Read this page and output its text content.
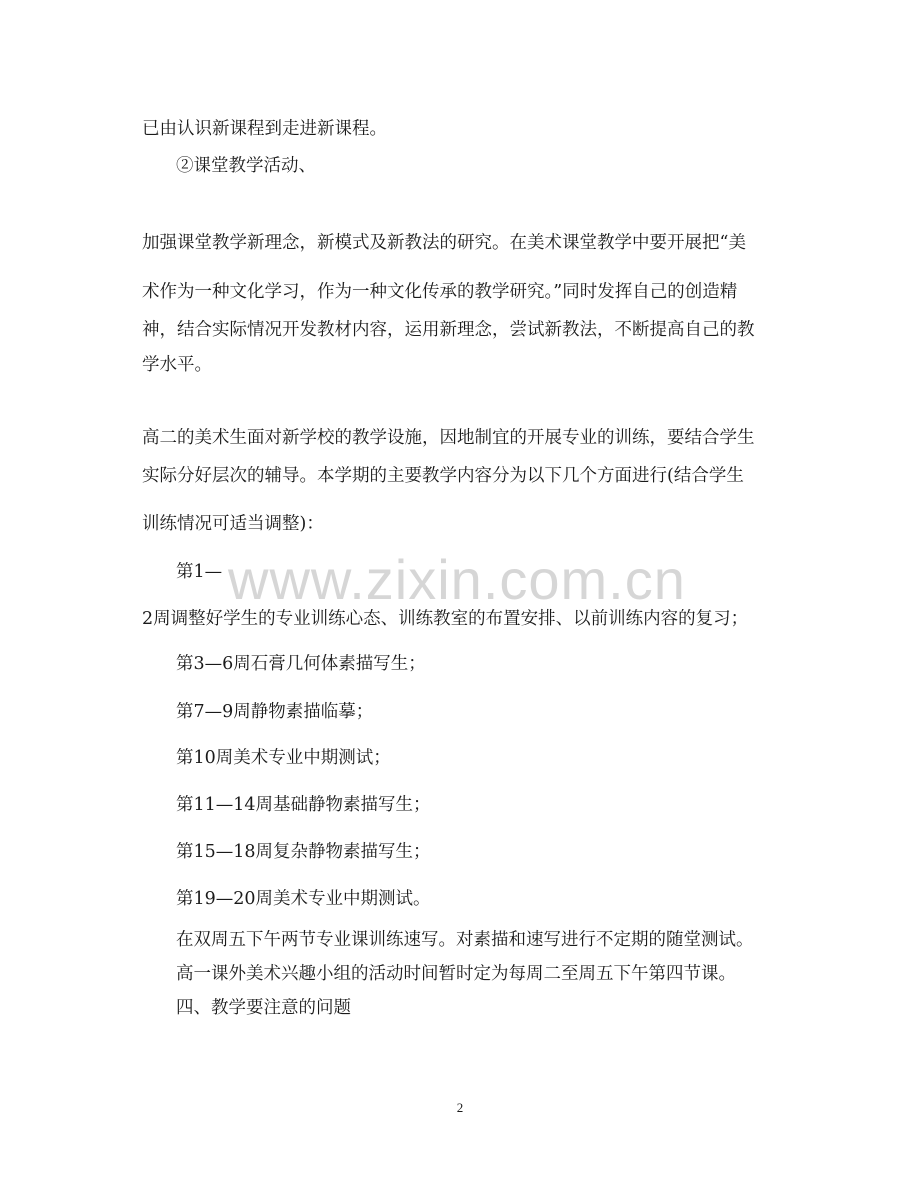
已由认识新课程到走进新课程。
②课堂教学活动、
加强课堂教学新理念，新模式及新教法的研究。在美术课堂教学中要开展把“美
术作为一种文化学习，作为一种文化传承的教学研究。”同时发挥自己的创造精
神，结合实际情况开发教材内容，运用新理念，尝试新教法，不断提高自己的教
学水平。
高二的美术生面对新学校的教学设施，因地制宜的开展专业的训练，要结合学生
实际分好层次的辅导。本学期的主要教学内容分为以下几个方面进行(结合学生
训练情况可适当调整)：
第1—
2周调整好学生的专业训练心态、训练教室的布置安排、以前训练内容的复习；
第3—6周石膏几何体素描写生；
第7—9周静物素描临摹；
第10周美术专业中期测试；
第11—14周基础静物素描写生；
第15—18周复杂静物素描写生；
第19—20周美术专业中期测试。
在双周五下午两节专业课训练速写。对素描和速写进行不定期的随堂测试。
高一课外美术兴趣小组的活动时间暂时定为每周二至周五下午第四节课。
四、教学要注意的问题
www.zixin.com.cn
2
